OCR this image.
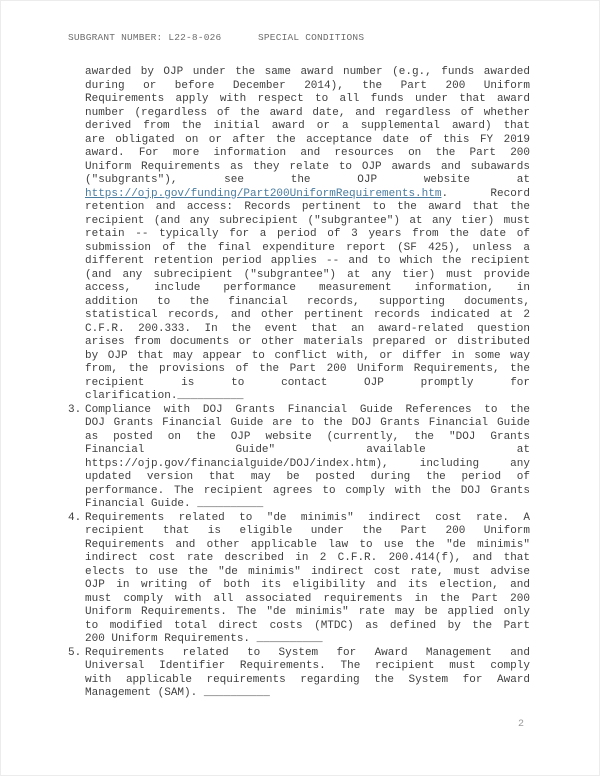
SUBGRANT NUMBER: L22-8-026	SPECIAL CONDITIONS
awarded by OJP under the same award number (e.g., funds awarded
during or before December 2014), the Part 200 Uniform
Requirements apply with respect to all funds under that award
number (regardless of the award date, and regardless of whether
derived from the initial award or a supplemental award) that
are obligated on or after the acceptance date of this FY 2019
award. For more information and resources on the Part 200
Uniform Requirements as they relate to OJP awards and subawards
("subgrants"), see the OJP website at
https://ojp.gov/funding/Part200UniformRequirements.htm. Record
retention and access: Records pertinent to the award that the
recipient (and any subrecipient ("subgrantee") at any tier) must
retain -- typically for a period of 3 years from the date of
submission of the final expenditure report (SF 425), unless a
different retention period applies -- and to which the recipient
(and any subrecipient ("subgrantee") at any tier) must provide
access, include performance measurement information, in
addition to the financial records, supporting documents,
statistical records, and other pertinent records indicated at 2
C.F.R. 200.333. In the event that an award-related question
arises from documents or other materials prepared or distributed
by OJP that may appear to conflict with, or differ in some way
from, the provisions of the Part 200 Uniform Requirements, the
recipient is to contact OJP promptly for
clarification.__________
3. Compliance with DOJ Grants Financial Guide References to the
DOJ Grants Financial Guide are to the DOJ Grants Financial Guide
as posted on the OJP website (currently, the "DOJ Grants
Financial Guide" available at
https://ojp.gov/financialguide/DOJ/index.htm), including any
updated version that may be posted during the period of
performance. The recipient agrees to comply with the DOJ Grants
Financial Guide. __________
4. Requirements related to "de minimis" indirect cost rate. A
recipient that is eligible under the Part 200 Uniform
Requirements and other applicable law to use the "de minimis"
indirect cost rate described in 2 C.F.R. 200.414(f), and that
elects to use the "de minimis" indirect cost rate, must advise
OJP in writing of both its eligibility and its election, and
must comply with all associated requirements in the Part 200
Uniform Requirements. The "de minimis" rate may be applied only
to modified total direct costs (MTDC) as defined by the Part
200 Uniform Requirements. __________
5. Requirements related to System for Award Management and
Universal Identifier Requirements. The recipient must comply
with applicable requirements regarding the System for Award
Management (SAM). __________
2
